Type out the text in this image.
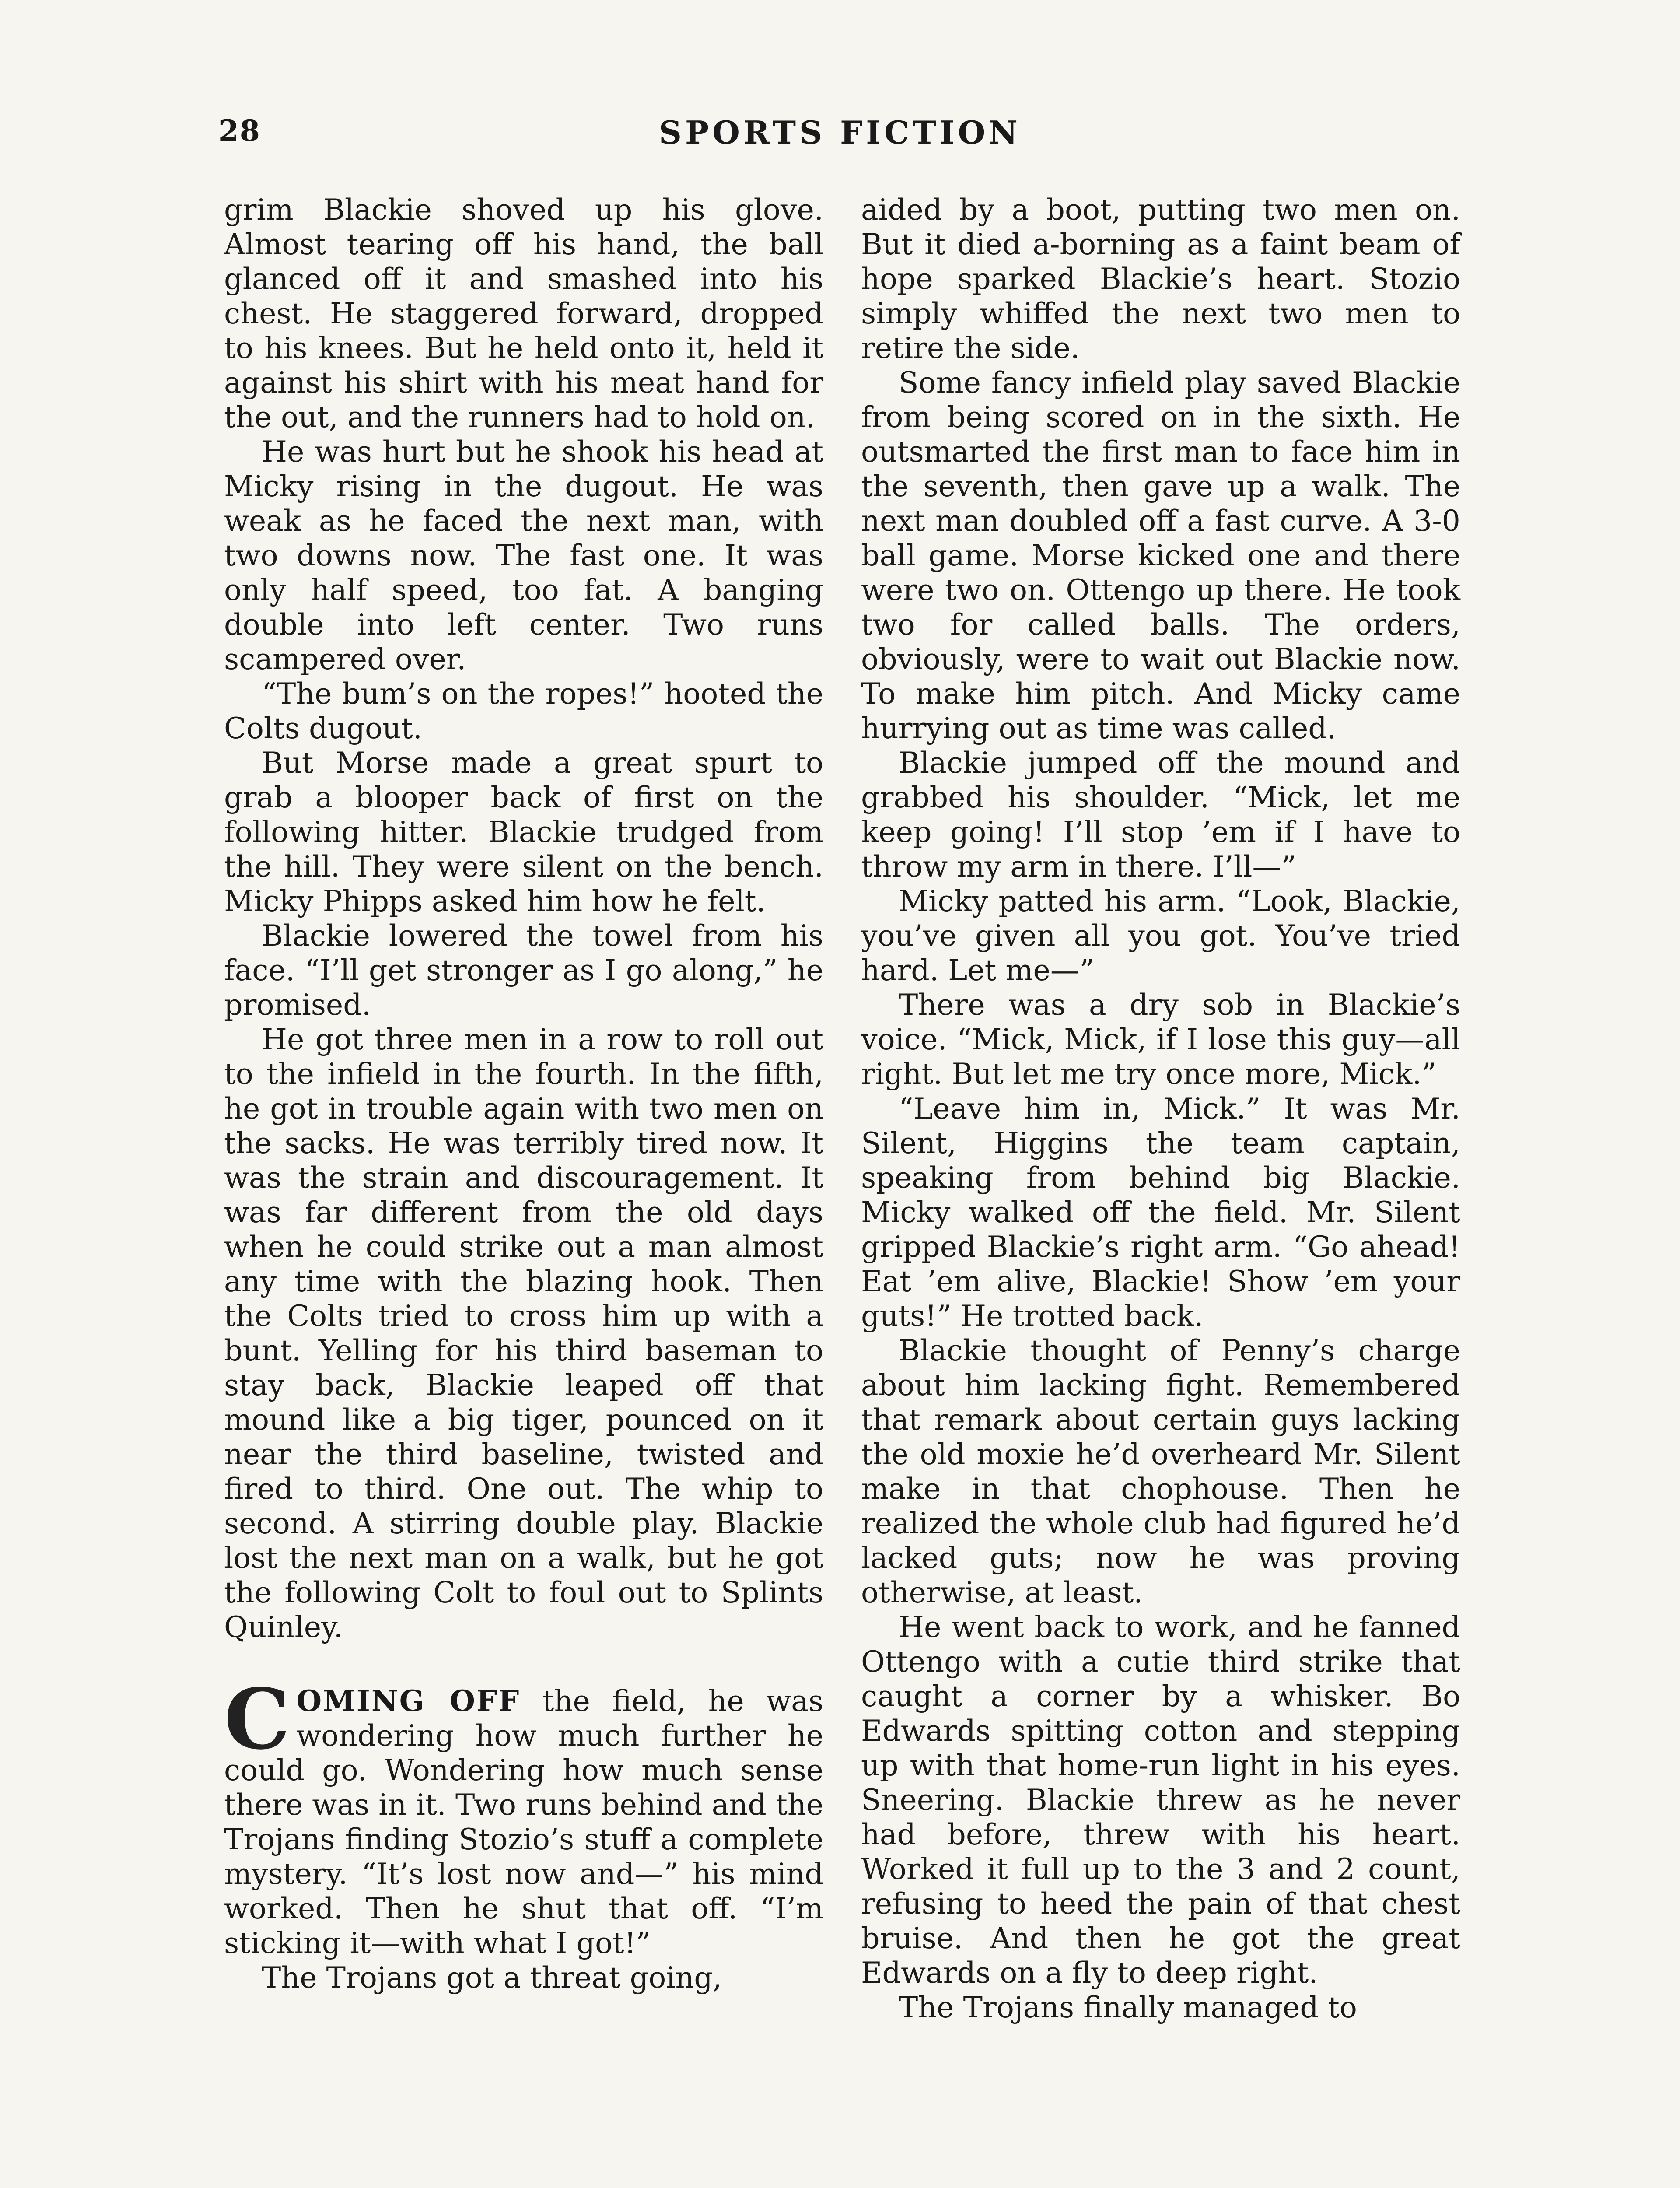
28	SPORTS FICTION

grim Blackie shoved up his glove. Almost tearing off his hand, the ball glanced off it and smashed into his chest. He staggered forward, dropped to his knees. But he held onto it, held it against his shirt with his meat hand for the out, and the runners had to hold on.

He was hurt but he shook his head at Micky rising in the dugout. He was weak as he faced the next man, with two downs now. The fast one. It was only half speed, too fat. A banging double into left center. Two runs scampered over.

“The bum’s on the ropes!” hooted the Colts dugout.

But Morse made a great spurt to grab a blooper back of first on the following hitter. Blackie trudged from the hill. They were silent on the bench. Micky Phipps asked him how he felt.

Blackie lowered the towel from his face. “I’ll get stronger as I go along,” he promised.

He got three men in a row to roll out to the infield in the fourth. In the fifth, he got in trouble again with two men on the sacks. He was terribly tired now. It was the strain and discouragement. It was far different from the old days when he could strike out a man almost any time with the blazing hook. Then the Colts tried to cross him up with a bunt. Yelling for his third baseman to stay back, Blackie leaped off that mound like a big tiger, pounced on it near the third baseline, twisted and fired to third. One out. The whip to second. A stirring double play. Blackie lost the next man on a walk, but he got the following Colt to foul out to Splints Quinley.

COMING OFF the field, he was wondering how much further he could go. Wondering how much sense there was in it. Two runs behind and the Trojans finding Stozio’s stuff a complete mystery. “It’s lost now and—” his mind worked. Then he shut that off. “I’m sticking it—with what I got!”

The Trojans got a threat going,

aided by a boot, putting two men on. But it died a-borning as a faint beam of hope sparked Blackie’s heart. Stozio simply whiffed the next two men to retire the side.

Some fancy infield play saved Blackie from being scored on in the sixth. He outsmarted the first man to face him in the seventh, then gave up a walk. The next man doubled off a fast curve. A 3-0 ball game. Morse kicked one and there were two on. Ottengo up there. He took two for called balls. The orders, obviously, were to wait out Blackie now. To make him pitch. And Micky came hurrying out as time was called.

Blackie jumped off the mound and grabbed his shoulder. “Mick, let me keep going! I’ll stop ’em if I have to throw my arm in there. I’ll—”

Micky patted his arm. “Look, Blackie, you’ve given all you got. You’ve tried hard. Let me—”

There was a dry sob in Blackie’s voice. “Mick, Mick, if I lose this guy—all right. But let me try once more, Mick.”

“Leave him in, Mick.” It was Mr. Silent, Higgins the team captain, speaking from behind big Blackie. Micky walked off the field. Mr. Silent gripped Blackie’s right arm. “Go ahead! Eat ’em alive, Blackie! Show ’em your guts!” He trotted back.

Blackie thought of Penny’s charge about him lacking fight. Remembered that remark about certain guys lacking the old moxie he’d overheard Mr. Silent make in that chophouse. Then he realized the whole club had figured he’d lacked guts; now he was proving otherwise, at least.

He went back to work, and he fanned Ottengo with a cutie third strike that caught a corner by a whisker. Bo Edwards spitting cotton and stepping up with that home-run light in his eyes. Sneering. Blackie threw as he never had before, threw with his heart. Worked it full up to the 3 and 2 count, refusing to heed the pain of that chest bruise. And then he got the great Edwards on a fly to deep right.

The Trojans finally managed to
